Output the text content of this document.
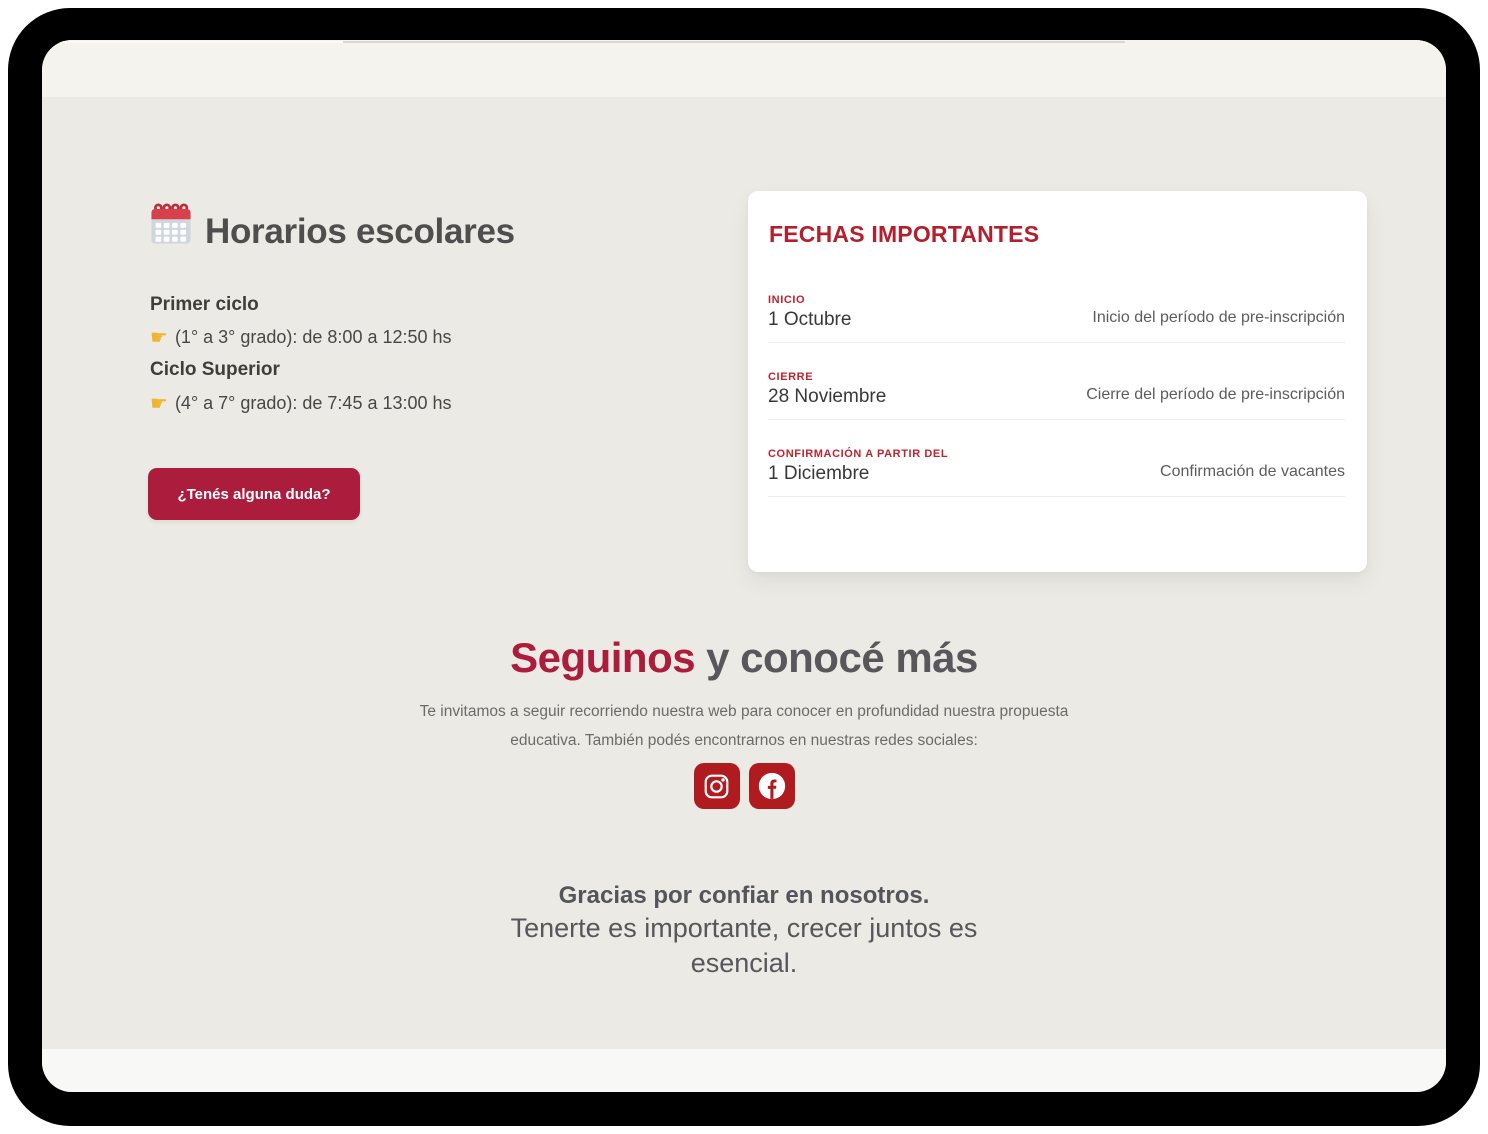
Horarios escolares
Primer ciclo
☛ (1° a 3° grado): de 8:00 a 12:50 hs
Ciclo Superior
☛ (4° a 7° grado): de 7:45 a 13:00 hs
¿Tenés alguna duda?
FECHAS IMPORTANTES
INICIO
1 Octubre	Inicio del período de pre-inscripción
CIERRE
28 Noviembre	Cierre del período de pre-inscripción
CONFIRMACIÓN A PARTIR DEL
1 Diciembre	Confirmación de vacantes
Seguinos y conocé más

Te invitamos a seguir recorriendo nuestra web para conocer en profundidad nuestra propuesta educativa. También podés encontrarnos en nuestras redes sociales:

Gracias por confiar en nosotros.
Tenerte es importante, crecer juntos es esencial.
